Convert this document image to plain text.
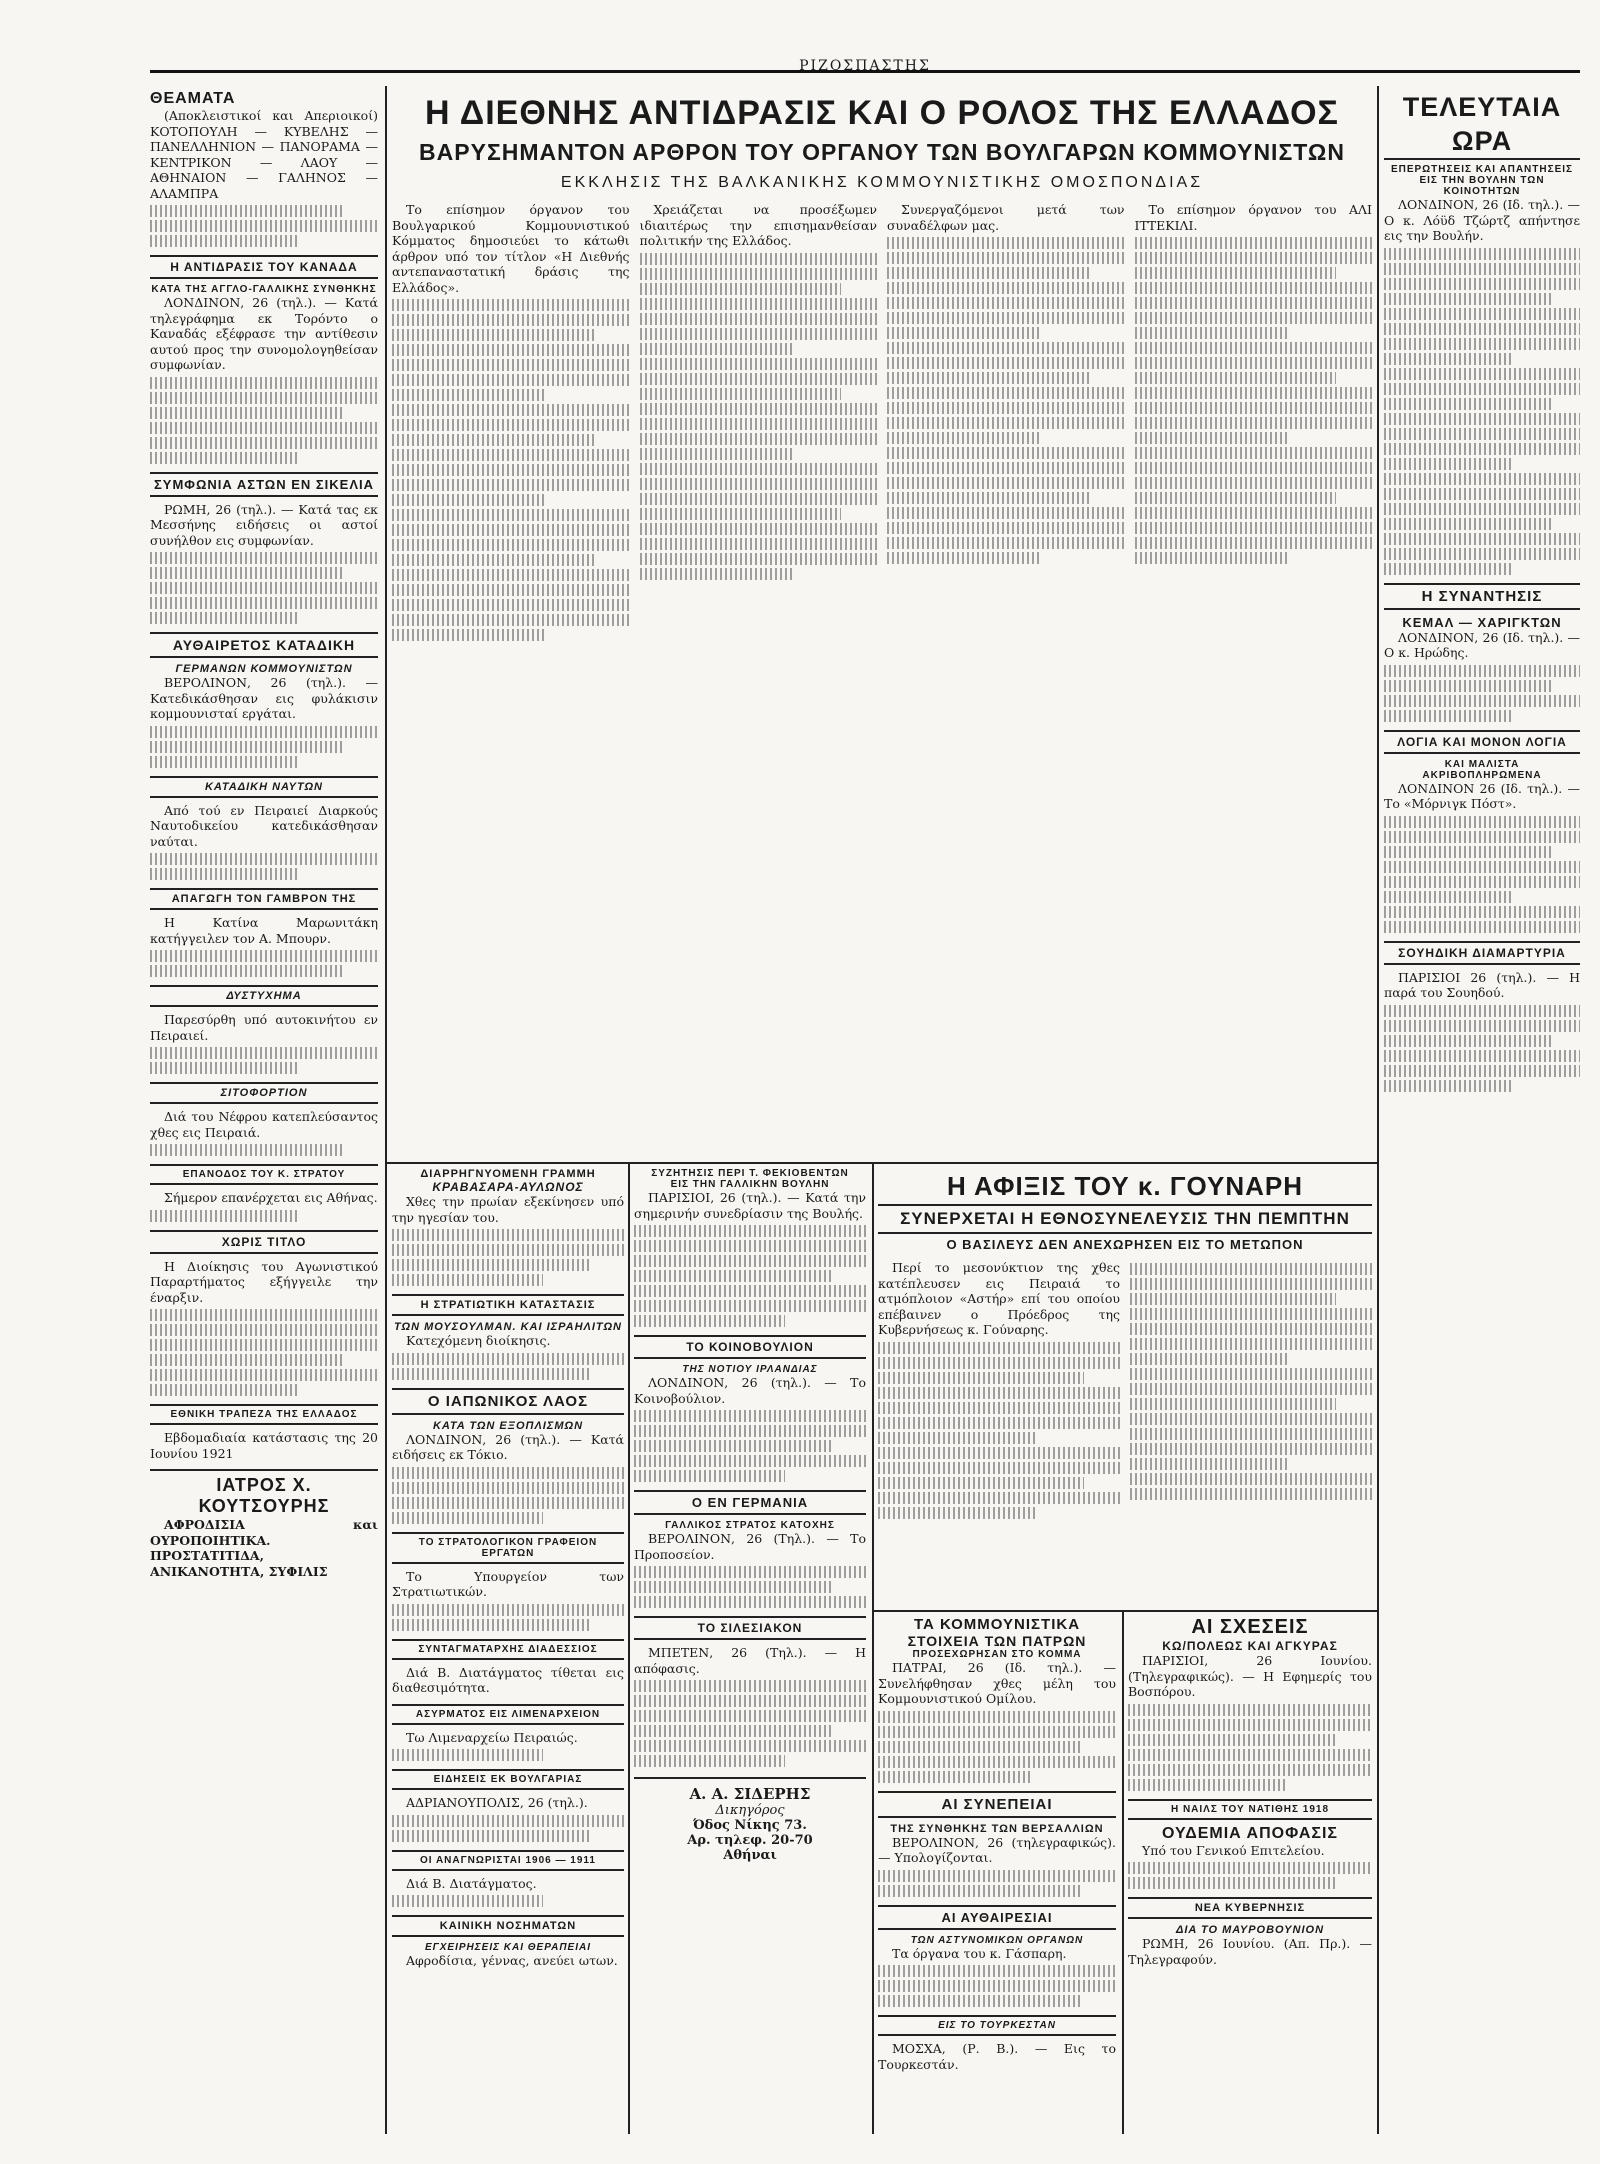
ΡΙΖΟΣΠΑΣΤΗΣ
ΘΕΑΜΑΤΑ

(Αποκλειστικοί και Απεριοικοί) ΚΟΤΟΠΟΥΛΗ — ΚΥΒΕΛΗΣ — ΠΑΝΕΛΛΗΝΙΟΝ — ΠΑΝΟΡΑΜΑ — ΚΕΝΤΡΙΚΟΝ — ΛΑΟΥ — ΑΘΗΝΑΙΟΝ — ΓΑΛΗΝΟΣ — ΑΛΑΜΠΡΑ

Η ΑΝΤΙΔΡΑΣΙΣ ΤΟΥ ΚΑΝΑΔΑ
ΚΑΤΑ ΤΗΣ ΑΓΓΛΟ-ΓΑΛΛΙΚΗΣ ΣΥΝΘΗΚΗΣ

ΛΟΝΔΙΝΟΝ, 26 (τηλ.). — Κατά τηλεγράφημα εκ Τορόντο ο Καναδάς εξέφρασε την αντίθεσιν αυτού προς την συνομολογηθείσαν συμφωνίαν.

ΣΥΜΦΩΝΙΑ ΑΣΤΩΝ ΕΝ ΣΙΚΕΛΙΑ

ΡΩΜΗ, 26 (τηλ.). — Κατά τας εκ Μεσσήνης ειδήσεις οι αστοί συνήλθον εις συμφωνίαν.

ΑΥΘΑΙΡΕΤΟΣ ΚΑΤΑΔΙΚΗ
ΓΕΡΜΑΝΩΝ ΚΟΜΜΟΥΝΙΣΤΩΝ

ΒΕΡΟΛΙΝΟΝ, 26 (τηλ.). — Κατεδικάσθησαν εις φυλάκισιν κομμουνισταί εργάται.

ΚΑΤΑΔΙΚΗ ΝΑΥΤΩΝ

Από τού εν Πειραιεί Διαρκούς Ναυτοδικείου κατεδικάσθησαν ναύται.

ΑΠΑΓΩΓΗ ΤΟΝ ΓΑΜΒΡΟΝ ΤΗΣ

Η Κατίνα Μαρωνιτάκη κατήγγειλεν τον Α. Μπουρν.

ΔΥΣΤΥΧΗΜΑ

Παρεσύρθη υπό αυτοκινήτου εν Πειραιεί.

ΣΙΤΟΦΟΡΤΙΟΝ

Διά του Νέφρου κατεπλεύσαντος χθες εις Πειραιά.

ΕΠΑΝΟΔΟΣ ΤΟΥ Κ. ΣΤΡΑΤΟΥ

Σήμερον επανέρχεται εις Αθήνας.

ΧΩΡΙΣ ΤΙΤΛΟ

Η Διοίκησις του Αγωνιστικού Παραρτήματος εξήγγειλε την έναρξιν.

ΕΘΝΙΚΗ ΤΡΑΠΕΖΑ ΤΗΣ ΕΛΛΑΔΟΣ

Εβδομαδιαία κατάστασις της 20 Ιουνίου 1921

ΙΑΤΡΟΣ Χ. ΚΟΥΤΣΟΥΡΗΣ

ΑΦΡΟΔΙΣΙΑ και ΟΥΡΟΠΟΙΗΤΙΚΑ. ΠΡΟΣΤΑΤΙΤΙΔΑ, ΑΝΙΚΑΝΟΤΗΤΑ, ΣΥΦΙΛΙΣ

Η ΔΙΕΘΝΗΣ ΑΝΤΙΔΡΑΣΙΣ ΚΑΙ Ο ΡΟΛΟΣ ΤΗΣ ΕΛΛΑΔΟΣ
ΒΑΡΥΣΗΜΑΝΤΟΝ ΑΡΘΡΟΝ ΤΟΥ ΟΡΓΑΝΟΥ ΤΩΝ ΒΟΥΛΓΑΡΩΝ ΚΟΜΜΟΥΝΙΣΤΩΝ
ΕΚΚΛΗΣΙΣ ΤΗΣ ΒΑΛΚΑΝΙΚΗΣ ΚΟΜΜΟΥΝΙΣΤΙΚΗΣ ΟΜΟΣΠΟΝΔΙΑΣ

Το επίσημον όργανον του Βουλγαρικού Κομμουνιστικού Κόμματος δημοσιεύει το κάτωθι άρθρον υπό τον τίτλον «Η Διεθνής αντεπαναστατική δράσις της Ελλάδος».

Χρειάζεται να προσέξωμεν ιδιαιτέρως την επισημανθείσαν πολιτικήν της Ελλάδος.

Συνεργαζόμενοι μετά των συναδέλφων μας.

Το επίσημον όργανον του ΑΛΙ ΙΤΤΕΚΙΛΙ.

ΔΙΑΡΡΗΓΝΥΟΜΕΝΗ ΓΡΑΜΜΗ
ΚΡΑΒΑΣΑΡΑ-ΑΥΛΩΝΟΣ

Χθες την πρωίαν εξεκίνησεν υπό την ηγεσίαν του.

Η ΣΤΡΑΤΙΩΤΙΚΗ ΚΑΤΑΣΤΑΣΙΣ
ΤΩΝ ΜΟΥΣΟΥΛΜΑΝ. ΚΑΙ ΙΣΡΑΗΛΙΤΩΝ

Κατεχόμενη διοίκησις.

Ο ΙΑΠΩΝΙΚΟΣ ΛΑΟΣ
ΚΑΤΑ ΤΩΝ ΕΞΟΠΛΙΣΜΩΝ

ΛΟΝΔΙΝΟΝ, 26 (τηλ.). — Κατά ειδήσεις εκ Τόκιο.

ΤΟ ΣΤΡΑΤΟΛΟΓΙΚΟΝ ΓΡΑΦΕΙΟΝ ΕΡΓΑΤΩΝ

Το Υπουργείον των Στρατιωτικών.

ΣΥΝΤΑΓΜΑΤΑΡΧΗΣ ΔΙΑΔΕΣΣΙΟΣ

Διά Β. Διατάγματος τίθεται εις διαθεσιμότητα.

ΑΣΥΡΜΑΤΟΣ ΕΙΣ ΛΙΜΕΝΑΡΧΕΙΟΝ

Τω Λιμεναρχείω Πειραιώς.

ΕΙΔΗΣΕΙΣ ΕΚ ΒΟΥΛΓΑΡΙΑΣ

ΑΔΡΙΑΝΟΥΠΟΛΙΣ, 26 (τηλ.).

ΟΙ ΑΝΑΓΝΩΡΙΣΤΑΙ 1906 — 1911

Διά Β. Διατάγματος.

ΚΑΙΝΙΚΗ ΝΟΣΗΜΑΤΩΝ
ΕΓΧΕΙΡΗΣΕΙΣ ΚΑΙ ΘΕΡΑΠΕΙΑΙ

Αφροδίσια, γέννας, ανεύει ωτων.

ΣΥΖΗΤΗΣΙΣ ΠΕΡΙ Τ. ΦΕΚΙΟΒΕΝΤΩΝ
ΕΙΣ ΤΗΝ ΓΑΛΛΙΚΗΝ ΒΟΥΛΗΝ

ΠΑΡΙΣΙΟΙ, 26 (τηλ.). — Κατά την σημερινήν συνεδρίασιν της Βουλής.

ΤΟ ΚΟΙΝΟΒΟΥΛΙΟΝ
ΤΗΣ ΝΟΤΙΟΥ ΙΡΛΑΝΔΙΑΣ

ΛΟΝΔΙΝΟΝ, 26 (τηλ.). — Το Κοινοβούλιον.

Ο ΕΝ ΓΕΡΜΑΝΙΑ
ΓΑΛΛΙΚΟΣ ΣΤΡΑΤΟΣ ΚΑΤΟΧΗΣ

ΒΕΡΟΛΙΝΟΝ, 26 (Τηλ.). — Το Προποσείον.

ΤΟ ΣΙΛΕΣΙΑΚΟΝ

ΜΠΕΤΕΝ, 26 (Τηλ.). — Η απόφασις.

Α. Α. ΣΙΔΕΡΗΣ
Δικηγόρος
Όδος Νίκης 73.
Αρ. τηλεφ. 20-70
Αθήναι
Η ΑΦΙΞΙΣ ΤΟΥ κ. ΓΟΥΝΑΡΗ
ΣΥΝΕΡΧΕΤΑΙ Η ΕΘΝΟΣΥΝΕΛΕΥΣΙΣ ΤΗΝ ΠΕΜΠΤΗΝ
Ο ΒΑΣΙΛΕΥΣ ΔΕΝ ΑΝΕΧΩΡΗΣΕΝ ΕΙΣ ΤΟ ΜΕΤΩΠΟΝ

Περί το μεσονύκτιον της χθες κατέπλευσεν εις Πειραιά το ατμόπλοιον «Αστήρ» επί του οποίου επέβαινεν ο Πρόεδρος της Κυβερνήσεως κ. Γούναρης.

ΤΑ ΚΟΜΜΟΥΝΙΣΤΙΚΑ
ΣΤΟΙΧΕΙΑ ΤΩΝ ΠΑΤΡΩΝ
ΠΡΟΣΕΧΩΡΗΣΑΝ ΣΤΟ ΚΟΜΜΑ

ΠΑΤΡΑΙ, 26 (Ιδ. τηλ.). — Συνελήφθησαν χθες μέλη του Κομμουνιστικού Ομίλου.

ΑΙ ΣΥΝΕΠΕΙΑΙ
ΤΗΣ ΣΥΝΘΗΚΗΣ ΤΩΝ ΒΕΡΣΑΛΛΙΩΝ

ΒΕΡΟΛΙΝΟΝ, 26 (τηλεγραφικώς). — Υπολογίζονται.

ΑΙ ΑΥΘΑΙΡΕΣΙΑΙ
ΤΩΝ ΑΣΤΥΝΟΜΙΚΩΝ ΟΡΓΑΝΩΝ

Τα όργανα του κ. Γάσπαρη.

ΕΙΣ ΤΟ ΤΟΥΡΚΕΣΤΑΝ

ΜΟΣΧΑ, (Ρ. Β.). — Εις το Τουρκεστάν.

ΑΙ ΣΧΕΣΕΙΣ
ΚΩ/ΠΟΛΕΩΣ ΚΑΙ ΑΓΚΥΡΑΣ

ΠΑΡΙΣΙΟΙ, 26 Ιουνίου. (Τηλεγραφικώς). — Η Εφημερίς του Βοσπόρου.

Η ΝΑΙΛΣ ΤΟΥ ΝΑΤΙΘΗΣ 1918
ΟΥΔΕΜΙΑ ΑΠΟΦΑΣΙΣ

Υπό του Γενικού Επιτελείου.

ΝΕΑ ΚΥΒΕΡΝΗΣΙΣ
ΔΙΑ ΤΟ ΜΑΥΡΟΒΟΥΝΙΟΝ

ΡΩΜΗ, 26 Ιουνίου. (Απ. Πρ.). — Τηλεγραφούν.

ΤΕΛΕΥΤΑΙΑ ΩΡΑ
ΕΠΕΡΩΤΗΣΕΙΣ ΚΑΙ ΑΠΑΝΤΗΣΕΙΣ
ΕΙΣ ΤΗΝ ΒΟΥΛΗΝ ΤΩΝ ΚΟΙΝΟΤΗΤΩΝ

ΛΟΝΔΙΝΟΝ, 26 (Ιδ. τηλ.). — Ο κ. Λόϋδ Τζώρτζ απήντησε εις την Βουλήν.

Η ΣΥΝΑΝΤΗΣΙΣ
ΚΕΜΑΛ — ΧΑΡΙΓΚΤΩΝ

ΛΟΝΔΙΝΟΝ, 26 (Ιδ. τηλ.). — Ο κ. Ηρώδης.

ΛΟΓΙΑ ΚΑΙ ΜΟΝΟΝ ΛΟΓΙΑ
ΚΑΙ ΜΑΛΙΣΤΑ ΑΚΡΙΒΟΠΛΗΡΩΜΕΝΑ

ΛΟΝΔΙΝΟΝ 26 (Ιδ. τηλ.). — Το «Μόρνιγκ Πόστ».

ΣΟΥΗΔΙΚΗ ΔΙΑΜΑΡΤΥΡΙΑ

ΠΑΡΙΣΙΟΙ 26 (τηλ.). — Η παρά του Σουηδού.
